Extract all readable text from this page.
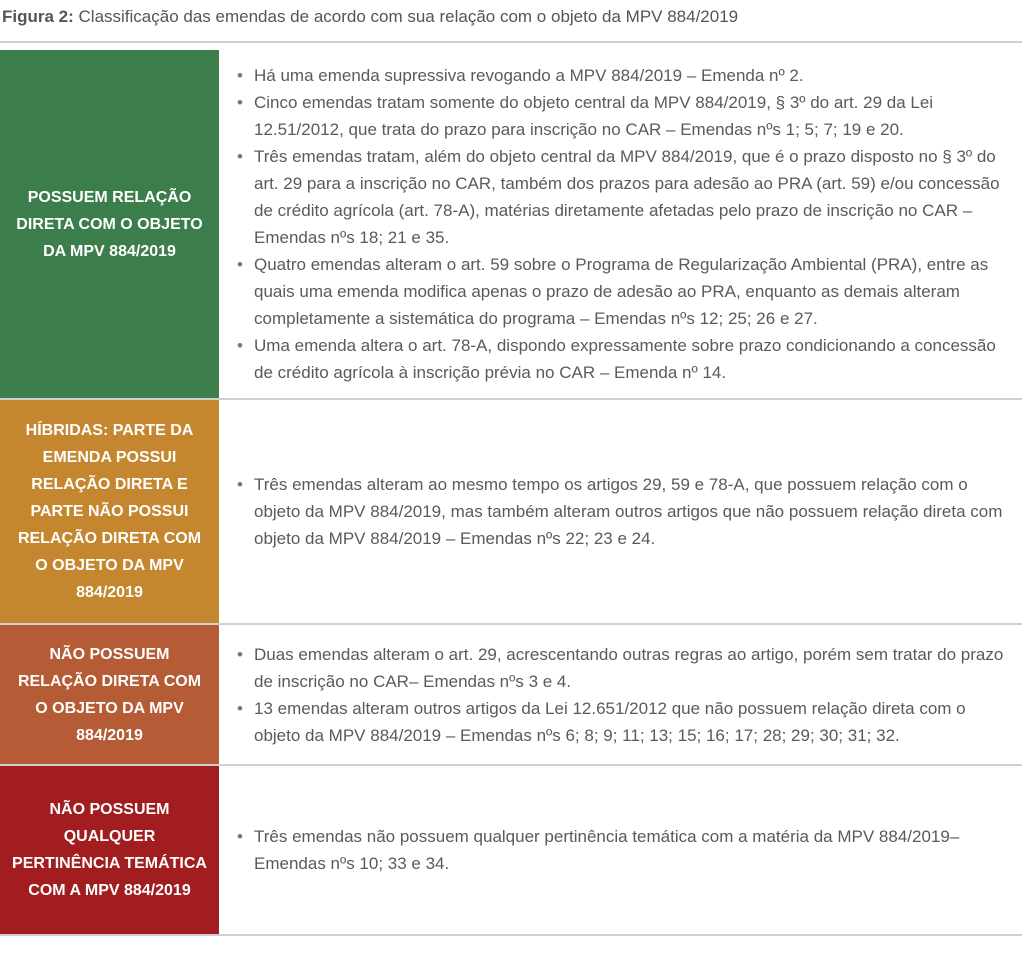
Figura 2: Classificação das emendas de acordo com sua relação com o objeto da MPV 884/2019
POSSUEM RELAÇÃO DIRETA COM O OBJETO DA MPV 884/2019
• Há uma emenda supressiva revogando a MPV 884/2019 – Emenda nº 2.
• Cinco emendas tratam somente do objeto central da MPV 884/2019, § 3º do art. 29 da Lei 12.51/2012, que trata do prazo para inscrição no CAR – Emendas nºs 1; 5; 7; 19 e 20.
• Três emendas tratam, além do objeto central da MPV 884/2019, que é o prazo disposto no § 3º do art. 29 para a inscrição no CAR, também dos prazos para adesão ao PRA (art. 59) e/ou concessão de crédito agrícola (art. 78-A), matérias diretamente afetadas pelo prazo de inscrição no CAR – Emendas nºs 18; 21 e 35.
• Quatro emendas alteram o art. 59 sobre o Programa de Regularização Ambiental (PRA), entre as quais uma emenda modifica apenas o prazo de adesão ao PRA, enquanto as demais alteram completamente a sistemática do programa – Emendas nºs 12; 25; 26 e 27.
• Uma emenda altera o art. 78-A, dispondo expressamente sobre prazo condicionando a concessão de crédito agrícola à inscrição prévia no CAR – Emenda nº 14.
HÍBRIDAS: PARTE DA EMENDA POSSUI RELAÇÃO DIRETA E PARTE NÃO POSSUI RELAÇÃO DIRETA COM O OBJETO DA MPV 884/2019
• Três emendas alteram ao mesmo tempo os artigos 29, 59 e 78-A, que possuem relação com o objeto da MPV 884/2019, mas também alteram outros artigos que não possuem relação direta com objeto da MPV 884/2019 – Emendas nºs 22; 23 e 24.
NÃO POSSUEM RELAÇÃO DIRETA COM O OBJETO DA MPV 884/2019
• Duas emendas alteram o art. 29, acrescentando outras regras ao artigo, porém sem tratar do prazo de inscrição no CAR– Emendas nºs 3 e 4.
• 13 emendas alteram outros artigos da Lei 12.651/2012 que não possuem relação direta com o objeto da MPV 884/2019 – Emendas nºs 6; 8; 9; 11; 13; 15; 16; 17; 28; 29; 30; 31; 32.
NÃO POSSUEM QUALQUER PERTINÊNCIA TEMÁTICA COM A MPV 884/2019
• Três emendas não possuem qualquer pertinência temática com a matéria da MPV 884/2019– Emendas nºs 10; 33 e 34.
